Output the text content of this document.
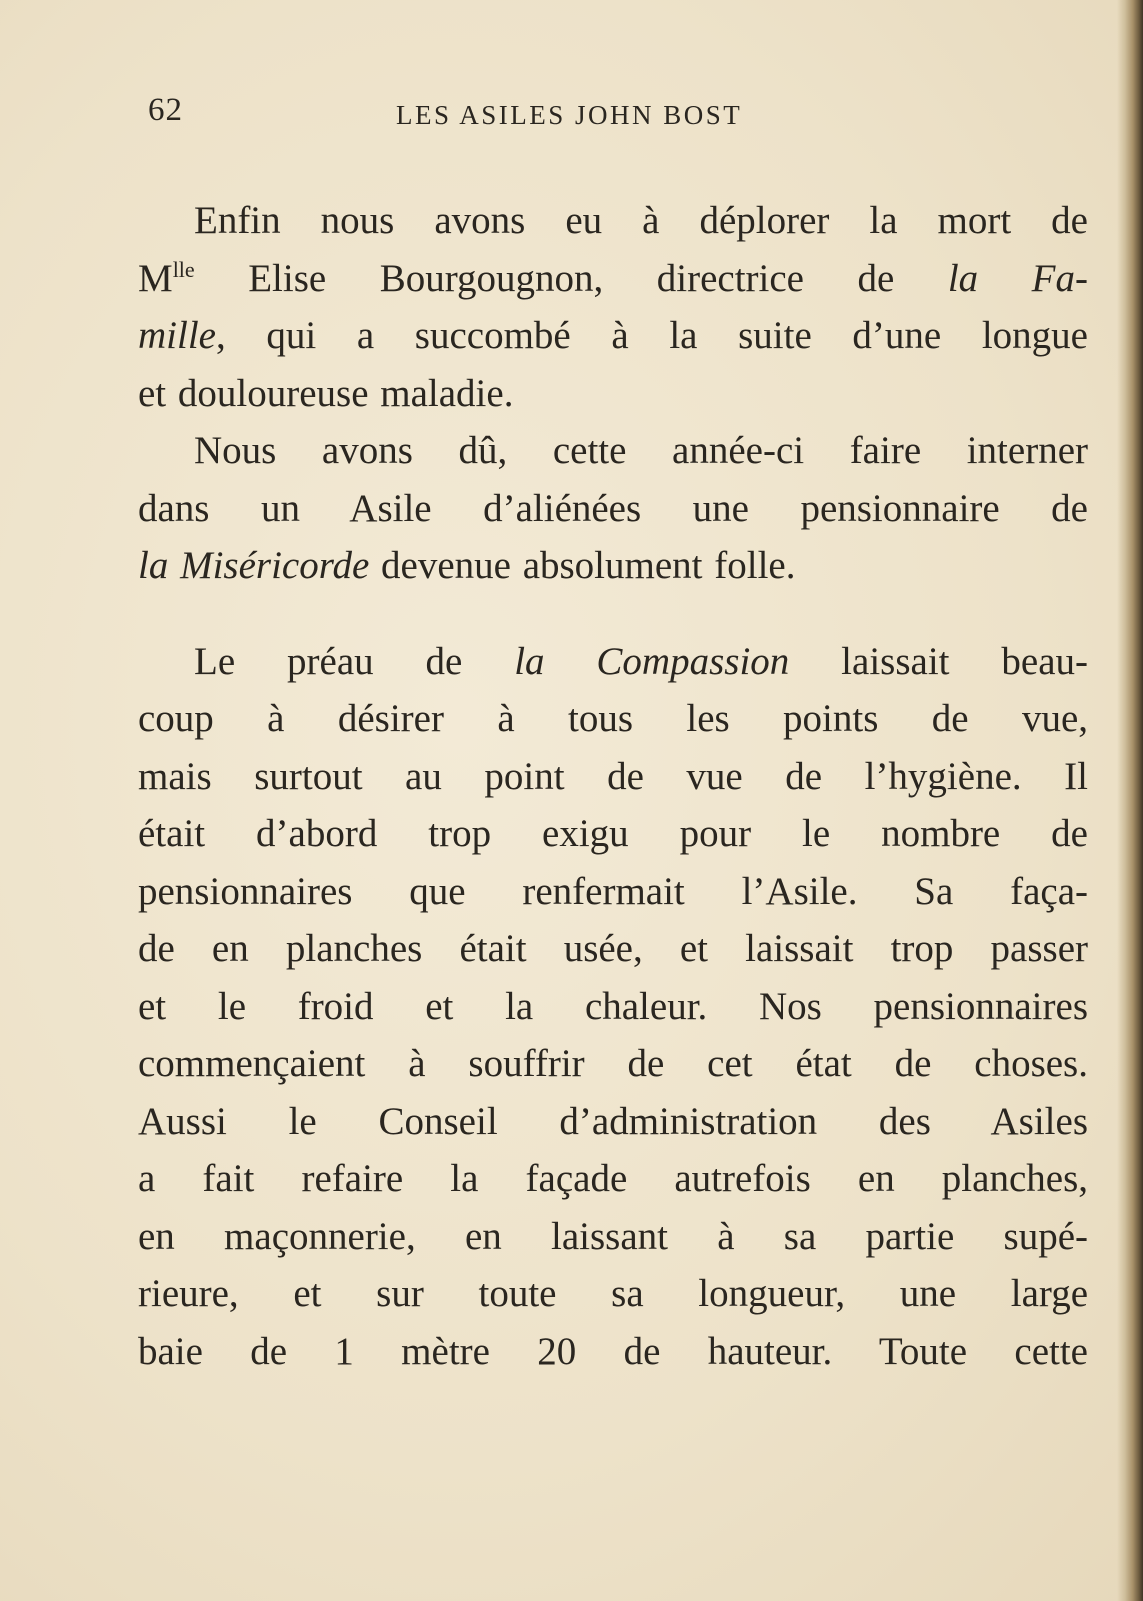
62	LES ASILES JOHN BOST
Enfin nous avons eu à déplorer la mort de
$M^{lle}$ Elise Bourgougnon, directrice de la Fa-
mille, qui a succombé à la suite d’une longue
et douloureuse maladie.
Nous avons dû, cette année-ci faire interner
dans un Asile d’aliénées une pensionnaire de
la Miséricorde devenue absolument folle.
Le préau de la Compassion laissait beau-
coup à désirer à tous les points de vue,
mais surtout au point de vue de l’hygiène. Il
était d’abord trop exigu pour le nombre de
pensionnaires que renfermait l’Asile. Sa faça-
de en planches était usée, et laissait trop passer
et le froid et la chaleur. Nos pensionnaires
commençaient à souffrir de cet état de choses.
Aussi le Conseil d’administration des Asiles
a fait refaire la façade autrefois en planches,
en maçonnerie, en laissant à sa partie supé-
rieure, et sur toute sa longueur, une large
baie de 1 mètre 20 de hauteur. Toute cette
